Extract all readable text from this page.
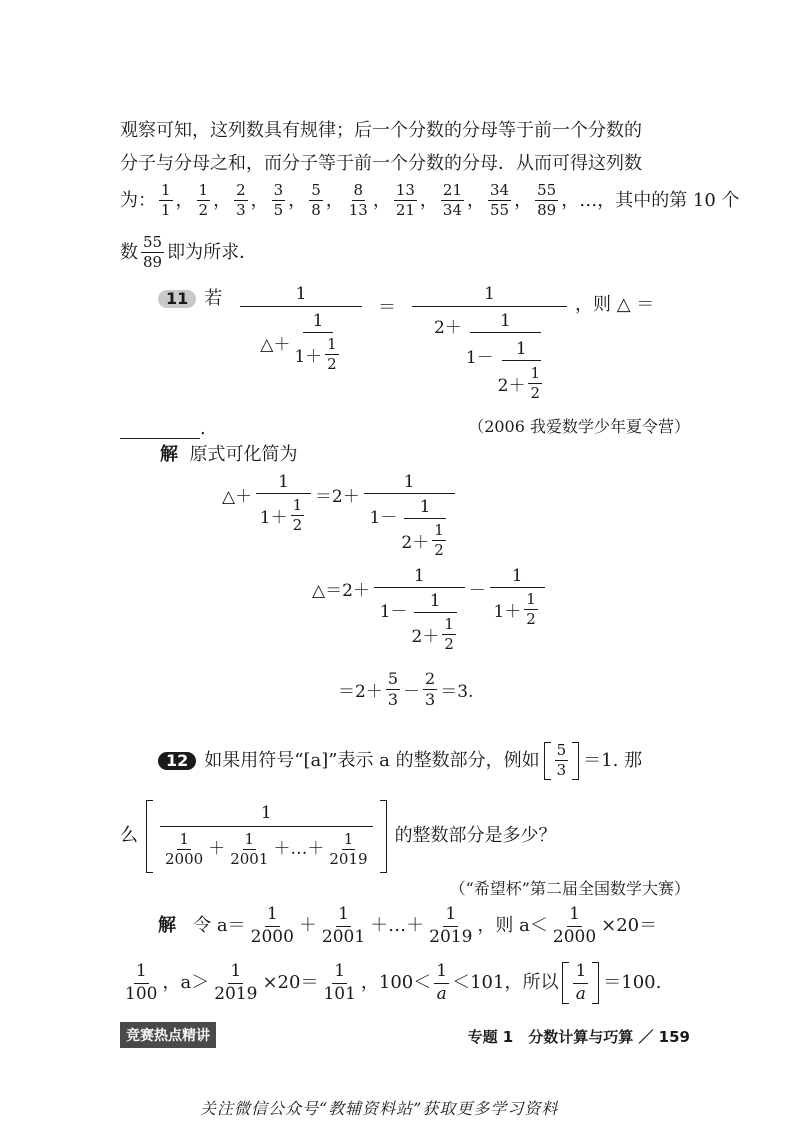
观察可知，这列数具有规律；后一个分数的分母等于前一个分数的
分子与分母之和，而分子等于前一个分数的分母．从而可得这列数
为： $\frac{1}{1}$ ， $\frac{1}{2}$ ， $\frac{2}{3}$ ， $\frac{3}{5}$ ， $\frac{5}{8}$ ， $\frac{8}{13}$ ， $\frac{13}{21}$ ， $\frac{21}{34}$ ， $\frac{34}{55}$ ， $\frac{55}{89}$ ，…，其中的第 10 个
数 $\frac{55}{89}$ 即为所求．
11 若	1
△＋
1
$1+ \frac{1}{2}$
＝
1
2＋	1
1－	1
$2+ \frac{1}{2}$
，则 △ ＝
.	（2006 我爱数学少年夏令营）
解 原式可化简为
△＋
1
$1+ \frac{1}{2} =2+$
1
1－
1
$2+ \frac{1}{2}$
△＝2＋
1
1－
1
$2+ \frac{1}{2}$
－
1
$1+ \frac{1}{2}$
$=2+ \frac{5}{3} - \frac{2}{3} =3$.
12 如果用符号“[a]”表示 a 的整数部分，例如 $\frac{5}{3} =1$. 那
么 $\frac{1}{\frac{1}{2000} + \frac{1}{2001} +\dots+ \frac{1}{2019}}$ 的整数部分是多少？
（“希望杯”第二届全国数学大赛）
解
令 $a= \frac{1}{2000} + \frac{1}{2001}$ ＋…＋ $\frac{1}{2019}$ ，则 $a< \frac{1}{2000} \times 20=$
$\frac{1}{100}$ ，$a> \frac{1}{2019} \times 20= \frac{1}{101}$ ，$100< \frac{1}{a} <101$，所以 $\frac{1}{a} =100$.
竞赛热点精讲	专题 1　分数计算与巧算 ／ 159
关注微信公众号“教辅资料站”获取更多学习资料
